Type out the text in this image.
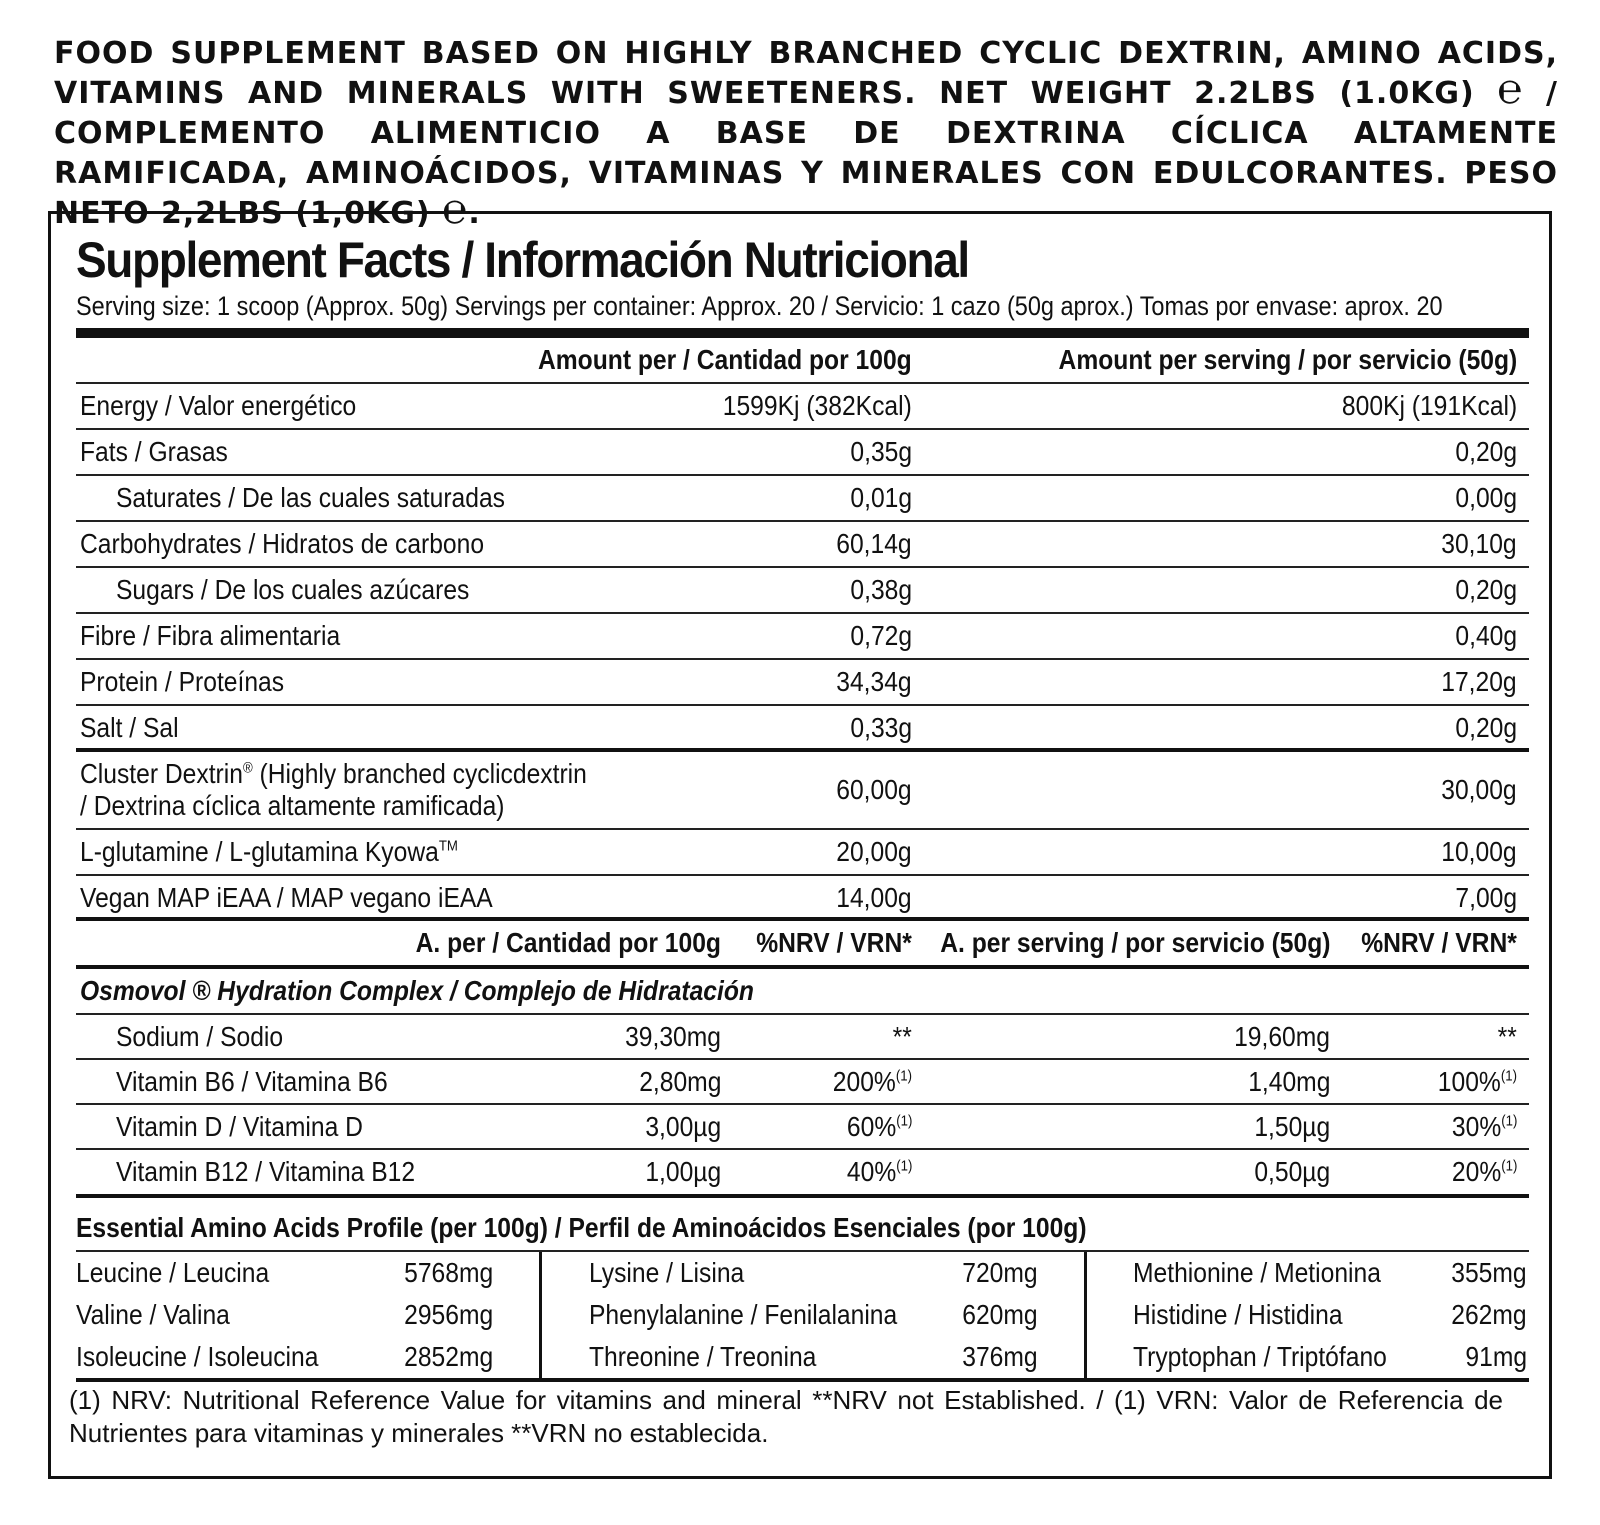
FOOD SUPPLEMENT BASED ON HIGHLY BRANCHED CYCLIC DEXTRIN, AMINO ACIDS, VITAMINS AND MINERALS WITH SWEETENERS. NET WEIGHT 2.2LBS (1.0KG) ℮ / COMPLEMENTO ALIMENTICIO A BASE DE DEXTRINA CÍCLICA ALTAMENTE RAMIFICADA, AMINOÁCIDOS, VITAMINAS Y MINERALES CON EDULCORANTES. PESO NETO 2,2LBS (1,0KG) ℮.
Supplement Facts / Información Nutricional
Serving size: 1 scoop (Approx. 50g) Servings per container: Approx. 20 / Servicio: 1 cazo (50g aprox.) Tomas por envase: aprox. 20
Amount per / Cantidad por 100g	Amount per serving / por servicio (50g)
Energy / Valor energético	1599Kj (382Kcal)	800Kj (191Kcal)
Fats / Grasas	0,35g	0,20g
Saturates / De las cuales saturadas	0,01g	0,00g
Carbohydrates / Hidratos de carbono	60,14g	30,10g
Sugars / De los cuales azúcares	0,38g	0,20g
Fibre / Fibra alimentaria	0,72g	0,40g
Protein / Proteínas	34,34g	17,20g
Salt / Sal	0,33g	0,20g
Cluster Dextrin® (Highly branched cyclicdextrin
/ Dextrina cíclica altamente ramificada)
60,00g	30,00g
L-glutamine / L-glutamina Kyowa™	20,00g	10,00g
Vegan MAP iEAA / MAP vegano iEAA	14,00g	7,00g
A. per / Cantidad por 100g	%NRV / VRN* A. per serving / por servicio (50g)	%NRV / VRN*
Osmovol ® Hydration Complex / Complejo de Hidratación
Sodium / Sodio	39,30mg	**	19,60mg	**
Vitamin B6 / Vitamina B6	2,80mg	200%$^{(1)}$	1,40mg	100%$^{(1)}$
Vitamin D / Vitamina D	3,00µg	60%$^{(1)}$	1,50µg	30%$^{(1)}$
Vitamin B12 / Vitamina B12	1,00µg	40%$^{(1)}$	0,50µg	20%$^{(1)}$
Essential Amino Acids Profile (per 100g) / Perfil de Aminoácidos Esenciales (por 100g)
Leucine / Leucina	5768mg
Valine / Valina	2956mg
Isoleucine / Isoleucina	2852mg
Lysine / Lisina	720mg
Phenylalanine / Fenilalanina	620mg
Threonine / Treonina	376mg
Methionine / Metionina	355mg
Histidine / Histidina	262mg
Tryptophan / Triptófano	91mg
(1) NRV: Nutritional Reference Value for vitamins and mineral **NRV not Established. / (1) VRN: Valor de Referencia de Nutrientes para vitaminas y minerales **VRN no establecida.
